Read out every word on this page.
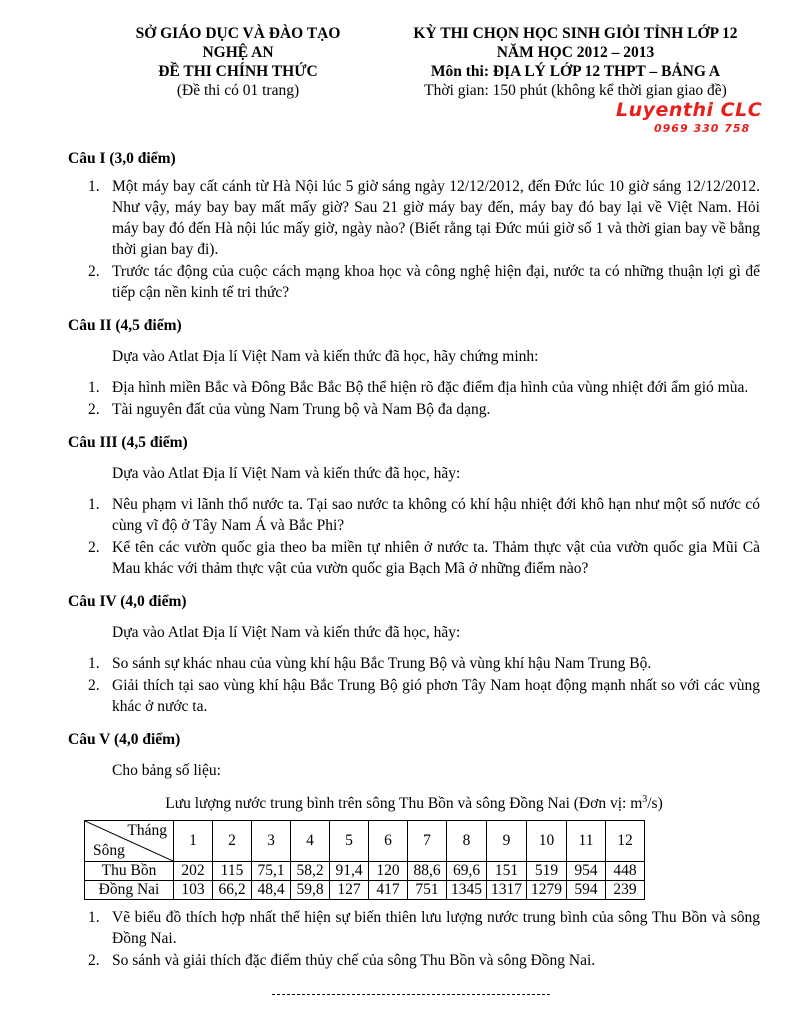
SỞ GIÁO DỤC VÀ ĐÀO TẠO
NGHỆ AN
ĐỀ THI CHÍNH THỨC
(Đề thi có 01 trang)
KỲ THI CHỌN HỌC SINH GIỎI TỈNH LỚP 12
NĂM HỌC 2012 – 2013
Môn thi: ĐỊA LÝ LỚP 12 THPT – BẢNG A
Thời gian: 150 phút (không kể thời gian giao đề)
Luyenthi CLC
0969 330 758

Câu I (3,0 điểm)

1. Một máy bay cất cánh từ Hà Nội lúc 5 giờ sáng ngày 12/12/2012, đến Đức lúc 10 giờ sáng 12/12/2012. Như vậy, máy bay bay mất mấy giờ? Sau 21 giờ máy bay đến, máy bay đó bay lại về Việt Nam. Hỏi máy bay đó đến Hà nội lúc mấy giờ, ngày nào? (Biết rằng tại Đức múi giờ số 1 và thời gian bay về bằng thời gian bay đi).
2. Trước tác động của cuộc cách mạng khoa học và công nghệ hiện đại, nước ta có những thuận lợi gì để tiếp cận nền kinh tế tri thức?

Câu II (4,5 điểm)

Dựa vào Atlat Địa lí Việt Nam và kiến thức đã học, hãy chứng minh:

1. Địa hình miền Bắc và Đông Bắc Bắc Bộ thể hiện rõ đặc điểm địa hình của vùng nhiệt đới ẩm gió mùa.
2. Tài nguyên đất của vùng Nam Trung bộ và Nam Bộ đa dạng.

Câu III (4,5 điểm)

Dựa vào Atlat Địa lí Việt Nam và kiến thức đã học, hãy:

1. Nêu phạm vi lãnh thổ nước ta. Tại sao nước ta không có khí hậu nhiệt đới khô hạn như một số nước có cùng vĩ độ ở Tây Nam Á và Bắc Phi?
2. Kể tên các vườn quốc gia theo ba miền tự nhiên ở nước ta. Thảm thực vật của vườn quốc gia Mũi Cà Mau khác với thảm thực vật của vườn quốc gia Bạch Mã ở những điểm nào?

Câu IV (4,0 điểm)

Dựa vào Atlat Địa lí Việt Nam và kiến thức đã học, hãy:

1. So sánh sự khác nhau của vùng khí hậu Bắc Trung Bộ và vùng khí hậu Nam Trung Bộ.
2. Giải thích tại sao vùng khí hậu Bắc Trung Bộ gió phơn Tây Nam hoạt động mạnh nhất so với các vùng khác ở nước ta.

Câu V (4,0 điểm)

Cho bảng số liệu:

Lưu lượng nước trung bình trên sông Thu Bồn và sông Đồng Nai (Đơn vị: $m^3/s$)
Tháng
Sông	1	2	3	4	5	6	7	8	9	10	11	12
Thu Bồn	202	115	75,1	58,2	91,4	120	88,6	69,6	151	519	954	448
Đồng Nai	103	66,2	48,4	59,8	127	417	751	1345	1317	1279	594	239
1. Vẽ biểu đồ thích hợp nhất thể hiện sự biến thiên lưu lượng nước trung bình của sông Thu Bồn và sông Đồng Nai.
2. So sánh và giải thích đặc điểm thủy chế của sông Thu Bồn và sông Đồng Nai.
